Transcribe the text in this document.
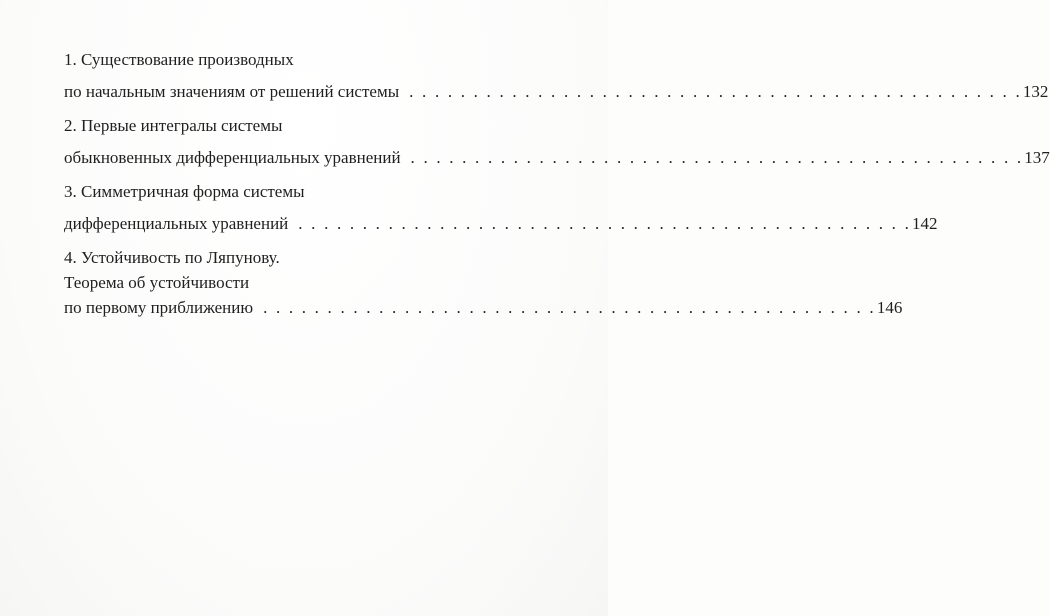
1. Существование производных
по начальным значениям от решений системы . . . . . . . . . . . . . . . . . . . . . . . . . . . . . . . . . . . . . . . . . . . . . . . . 132
2. Первые интегралы системы
обыкновенных дифференциальных уравнений . . . . . . . . . . . . . . . . . . . . . . . . . . . . . . . . . . . . . . . . . . . . . . . . 137
3. Симметричная форма системы
дифференциальных уравнений . . . . . . . . . . . . . . . . . . . . . . . . . . . . . . . . . . . . . . . . . . . . . . . . 142
4. Устойчивость по Ляпунову.
Теорема об устойчивости
по первому приближению . . . . . . . . . . . . . . . . . . . . . . . . . . . . . . . . . . . . . . . . . . . . . . . . 146
